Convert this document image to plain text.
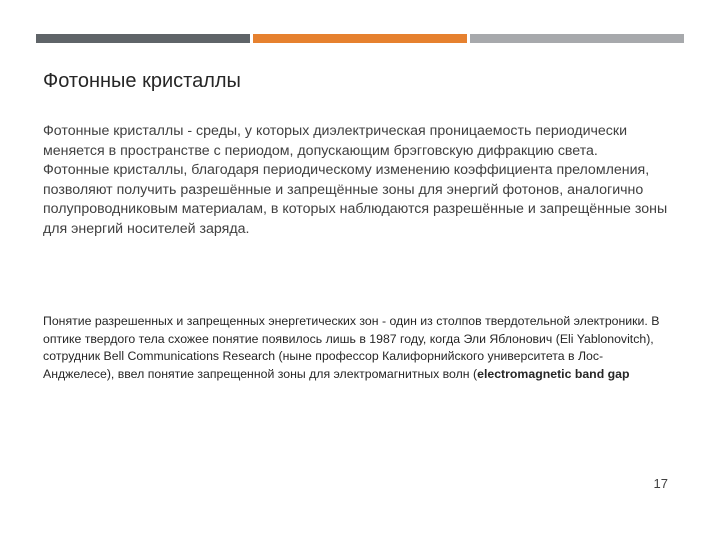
Фотонные кристаллы

Фотонные кристаллы - среды, у которых диэлектрическая проницаемость периодически меняется в пространстве с периодом, допускающим брэгговскую дифракцию света.

Фотонные кристаллы, благодаря периодическому изменению коэффициента преломления, позволяют получить разрешённые и запрещённые зоны для энергий фотонов, аналогично полупроводниковым материалам, в которых наблюдаются разрешённые и запрещённые зоны для энергий носителей заряда.

Понятие разрешенных и запрещенных энергетических зон - один из столпов твердотельной электроники. В оптике твердого тела схожее понятие появилось лишь в 1987 году, когда Эли Яблонович (Eli Yablonovitch), сотрудник Bell Communications Research (ныне профессор Калифорнийского университета в Лос-Анджелесе), ввел понятие запрещенной зоны для электромагнитных волн (electromagnetic band gap

17
